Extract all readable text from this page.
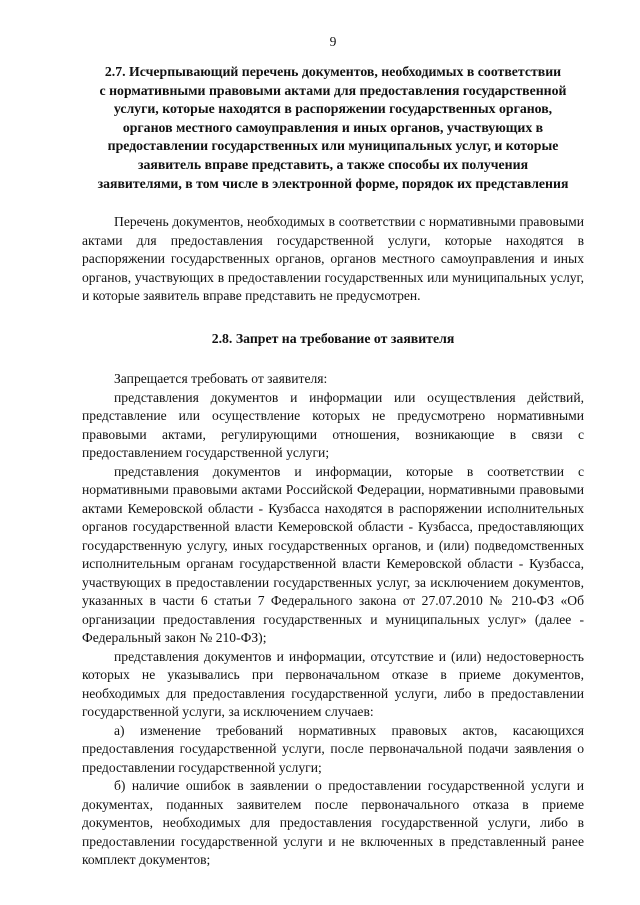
9
2.7. Исчерпывающий перечень документов, необходимых в соответствии
с нормативными правовыми актами для предоставления государственной
услуги, которые находятся в распоряжении государственных органов,
органов местного самоуправления и иных органов, участвующих в
предоставлении государственных или муниципальных услуг, и которые
заявитель вправе представить, а также способы их получения
заявителями, в том числе в электронной форме, порядок их представления

Перечень документов, необходимых в соответствии с нормативными правовыми актами для предоставления государственной услуги, которые находятся в распоряжении государственных органов, органов местного самоуправления и иных органов, участвующих в предоставлении государственных или муниципальных услуг, и которые заявитель вправе представить не предусмотрен.

2.8. Запрет на требование от заявителя

Запрещается требовать от заявителя:

представления документов и информации или осуществления действий, представление или осуществление которых не предусмотрено нормативными правовыми актами, регулирующими отношения, возникающие в связи с предоставлением государственной услуги;

представления документов и информации, которые в соответствии с нормативными правовыми актами Российской Федерации, нормативными правовыми актами Кемеровской области - Кузбасса находятся в распоряжении исполнительных органов государственной власти Кемеровской области - Кузбасса, предоставляющих государственную услугу, иных государственных органов, и (или) подведомственных исполнительным органам государственной власти Кемеровской области - Кузбасса, участвующих в предоставлении государственных услуг, за исключением документов, указанных в части 6 статьи 7 Федерального закона от 27.07.2010 № 210-ФЗ «Об организации предоставления государственных и муниципальных услуг» (далее - Федеральный закон № 210-ФЗ);

представления документов и информации, отсутствие и (или) недостоверность которых не указывались при первоначальном отказе в приеме документов, необходимых для предоставления государственной услуги, либо в предоставлении государственной услуги, за исключением случаев:

а) изменение требований нормативных правовых актов, касающихся предоставления государственной услуги, после первоначальной подачи заявления о предоставлении государственной услуги;

б) наличие ошибок в заявлении о предоставлении государственной услуги и документах, поданных заявителем после первоначального отказа в приеме документов, необходимых для предоставления государственной услуги, либо в предоставлении государственной услуги и не включенных в представленный ранее комплект документов;
